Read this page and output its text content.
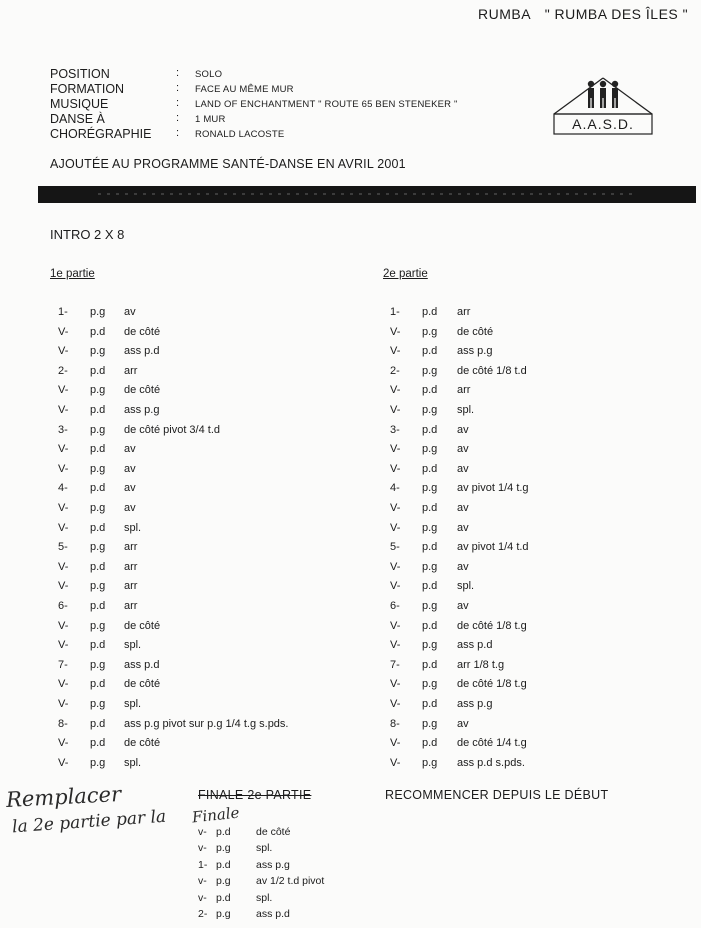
RUMBA " RUMBA DES ÎLES "
POSITION	: SOLO
FORMATION	: FACE AU MÊME MUR
MUSIQUE	: LAND OF ENCHANTMENT " ROUTE 65 BEN STENEKER "
DANSE À	: 1 MUR
CHORÉGRAPHIE : RONALD LACOSTE
A.A.S.D.
AJOUTÉE AU PROGRAMME SANTÉ-DANSE EN AVRIL 2001
INTRO 2 X 8
1e partie	2e partie
1- p.g av
V- p.d de côté
V- p.g ass p.d
2- p.d arr
V- p.g de côté
V- p.d ass p.g
3- p.g de côté pivot 3/4 t.d
V- p.d av
V- p.g av
4- p.d av
V- p.g av
V- p.d spl.
5- p.g arr
V- p.d arr
V- p.g arr
6- p.d arr
V- p.g de côté
V- p.d spl.
7- p.g ass p.d
V- p.d de côté
V- p.g spl.
8- p.d ass p.g pivot sur p.g 1/4 t.g s.pds.
V- p.d de côté
V- p.g spl.
1- p.d arr
V- p.g de côté
V- p.d ass p.g
2- p.g de côté 1/8 t.d
V- p.d arr
V- p.g spl.
3- p.d av
V- p.g av
V- p.d av
4- p.g av pivot 1/4 t.g
V- p.d av
V- p.g av
5- p.d av pivot 1/4 t.d
V- p.g av
V- p.d spl.
6- p.g av
V- p.d de côté 1/8 t.g
V- p.g ass p.d
7- p.d arr 1/8 t.g
V- p.g de côté 1/8 t.g
V- p.d ass p.g
8- p.g av
V- p.d de côté 1/4 t.g
V- p.g ass p.d s.pds.
FINALE 2e PARTIE	RECOMMENCER DEPUIS LE DÉBUT
v- p.d de côté
v- p.g spl.
1- p.d ass p.g
v- p.g av 1/2 t.d pivot
v- p.d spl.
2- p.g ass p.d
Remplacer
la 2e partie par la Finale
